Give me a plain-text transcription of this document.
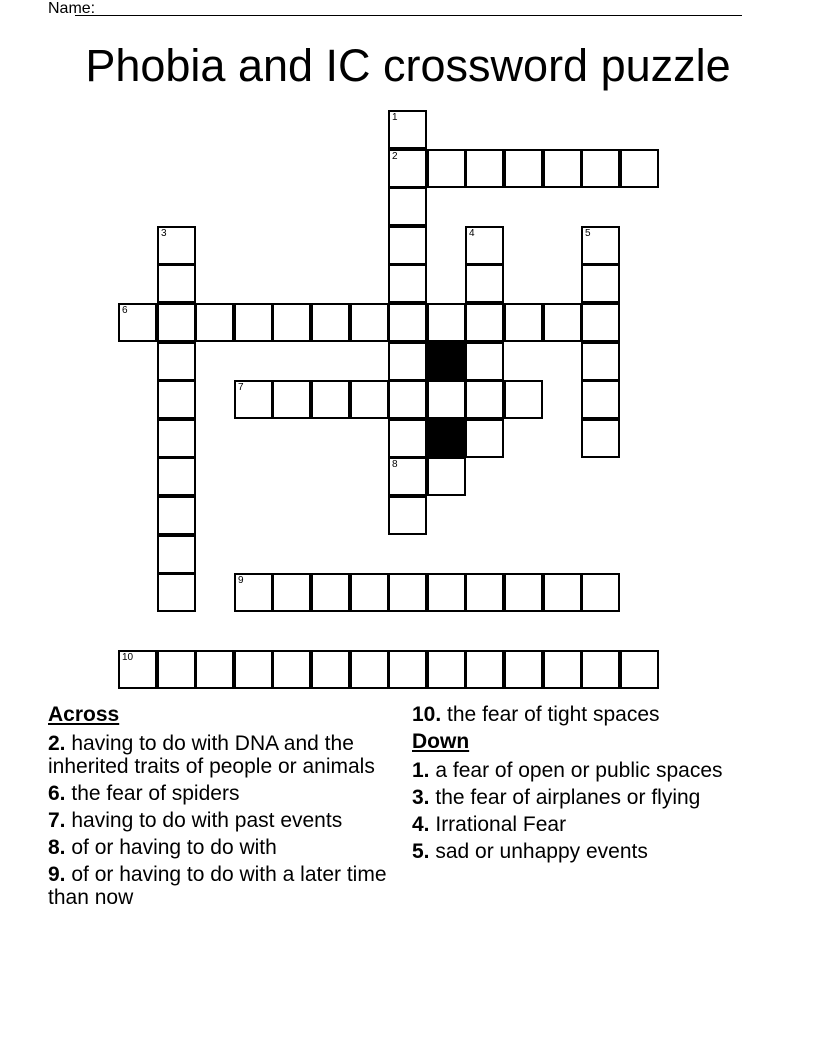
Name:
Phobia and IC crossword puzzle
1
2
3	4	5
6
7
8
9
10
Across
2. having to do with DNA and the inherited traits of people or animals
6. the fear of spiders
7. having to do with past events
8. of or having to do with
9. of or having to do with a later time than now
10. the fear of tight spaces
Down
1. a fear of open or public spaces
3. the fear of airplanes or flying
4. Irrational Fear
5. sad or unhappy events
